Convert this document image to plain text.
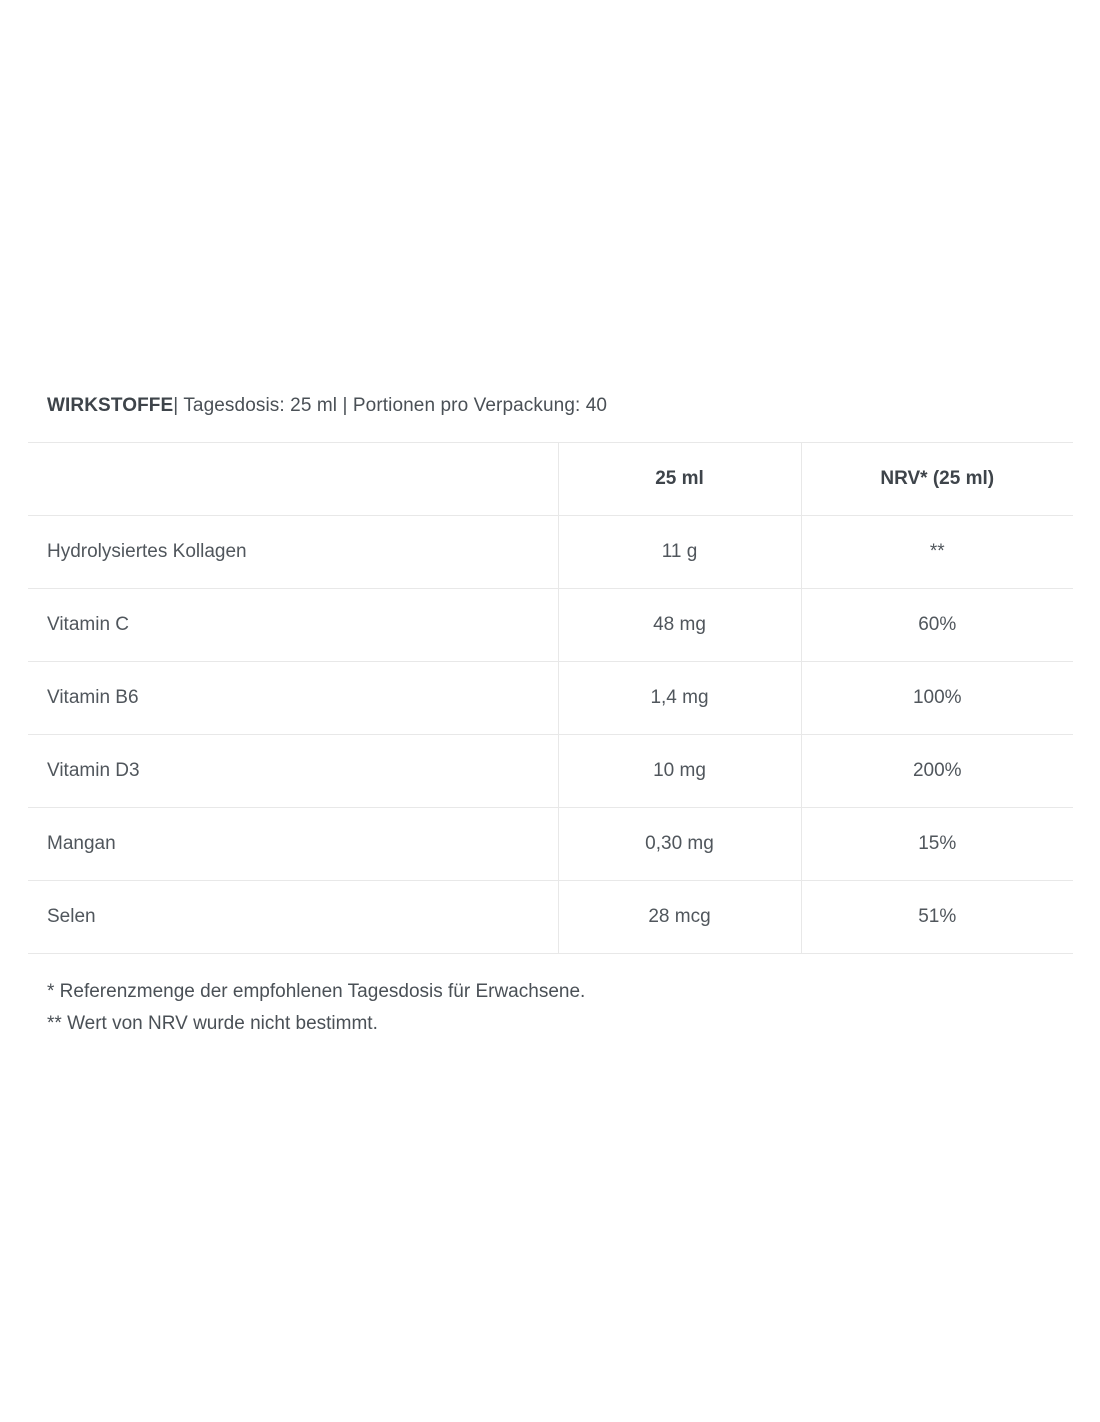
WIRKSTOFFE| Tagesdosis: 25 ml | Portionen pro Verpackung: 40

	25 ml	NRV* (25 ml)
Hydrolysiertes Kollagen	11 g	**
Vitamin C	48 mg	60%
Vitamin B6	1,4 mg	100%
Vitamin D3	10 mg	200%
Mangan	0,30 mg	15%
Selen	28 mcg	51%
* Referenzmenge der empfohlenen Tagesdosis für Erwachsene.
** Wert von NRV wurde nicht bestimmt.
